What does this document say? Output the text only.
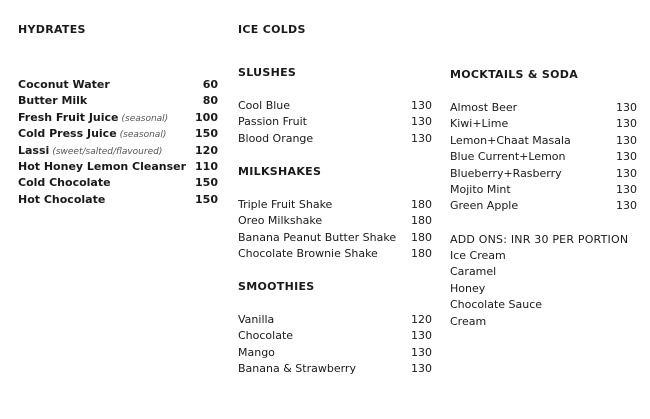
HYDRATES
Coconut Water	60
Butter Milk	80
Fresh Fruit Juice (seasonal) 100
Cold Press Juice (seasonal)	150
Lassi (sweet/salted/flavoured)	120
Hot Honey Lemon Cleanser 110
Cold Chocolate	150
Hot Chocolate	150
ICE COLDS
SLUSHES
Cool Blue	130
Passion Fruit	130
Blood Orange	130
MILKSHAKES
Triple Fruit Shake	180
Oreo Milkshake	180
Banana Peanut Butter Shake 180
Chocolate Brownie Shake	180
SMOOTHIES
Vanilla	120
Chocolate	130
Mango	130
Banana & Strawberry	130
MOCKTAILS & SODA
Almost Beer	130
Kiwi+Lime	130
Lemon+Chaat Masala	130
Blue Current+Lemon	130
Blueberry+Rasberry	130
Mojito Mint	130
Green Apple	130
ADD ONS: INR 30 PER PORTION
Ice Cream
Caramel
Honey
Chocolate Sauce
Cream
